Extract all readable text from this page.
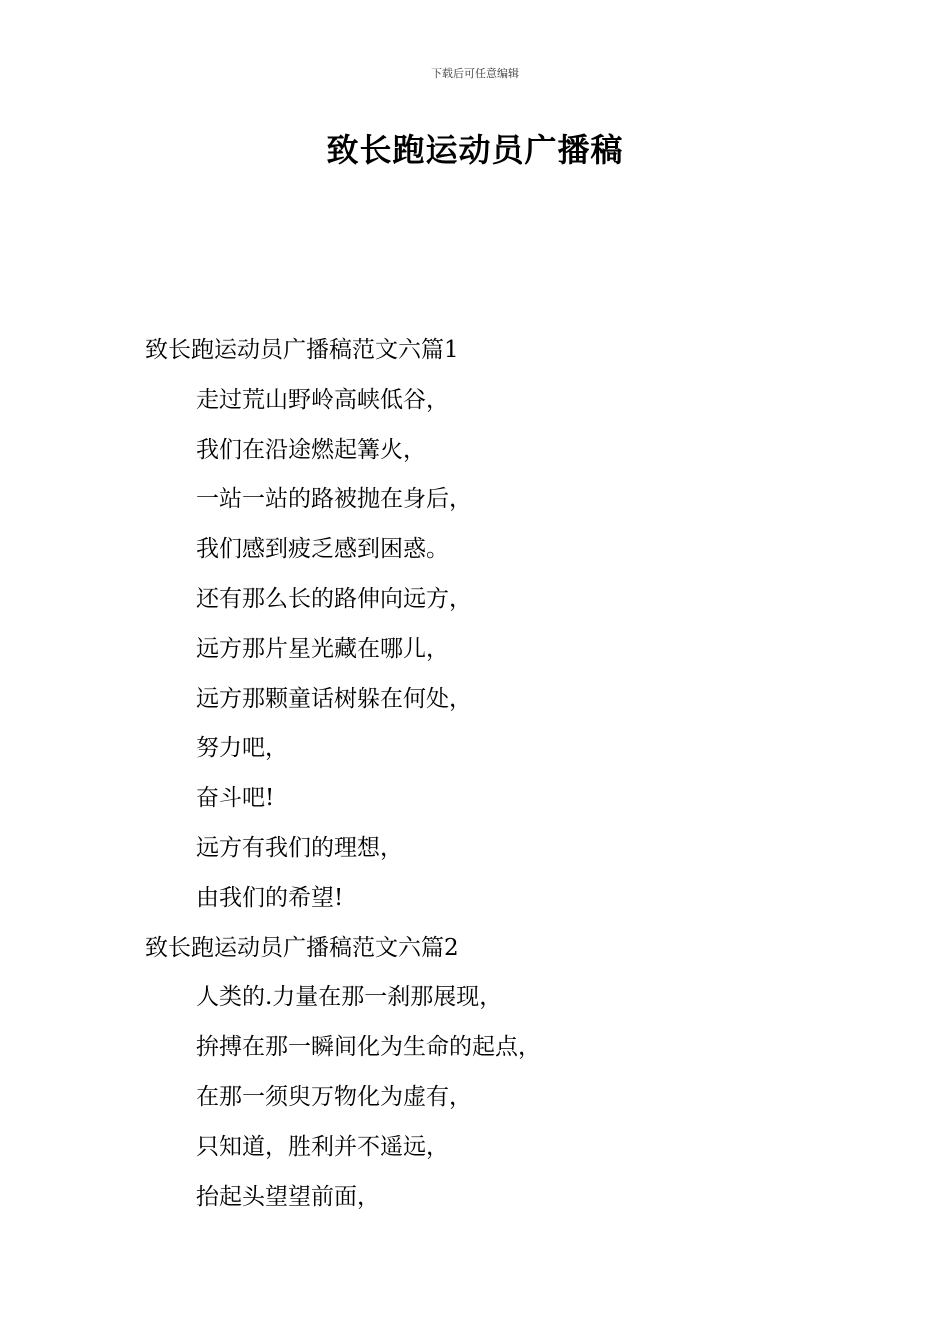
下载后可任意编辑
致长跑运动员广播稿
致长跑运动员广播稿范文六篇1
走过荒山野岭高峡低谷，
我们在沿途燃起篝火，
一站一站的路被抛在身后，
我们感到疲乏感到困惑。
还有那么长的路伸向远方，
远方那片星光藏在哪儿，
远方那颗童话树躲在何处，
努力吧，
奋斗吧!
远方有我们的理想，
由我们的希望!
致长跑运动员广播稿范文六篇2
人类的.力量在那一刹那展现，
拚搏在那一瞬间化为生命的起点，
在那一须臾万物化为虚有，
只知道，胜利并不遥远，
抬起头望望前面，
